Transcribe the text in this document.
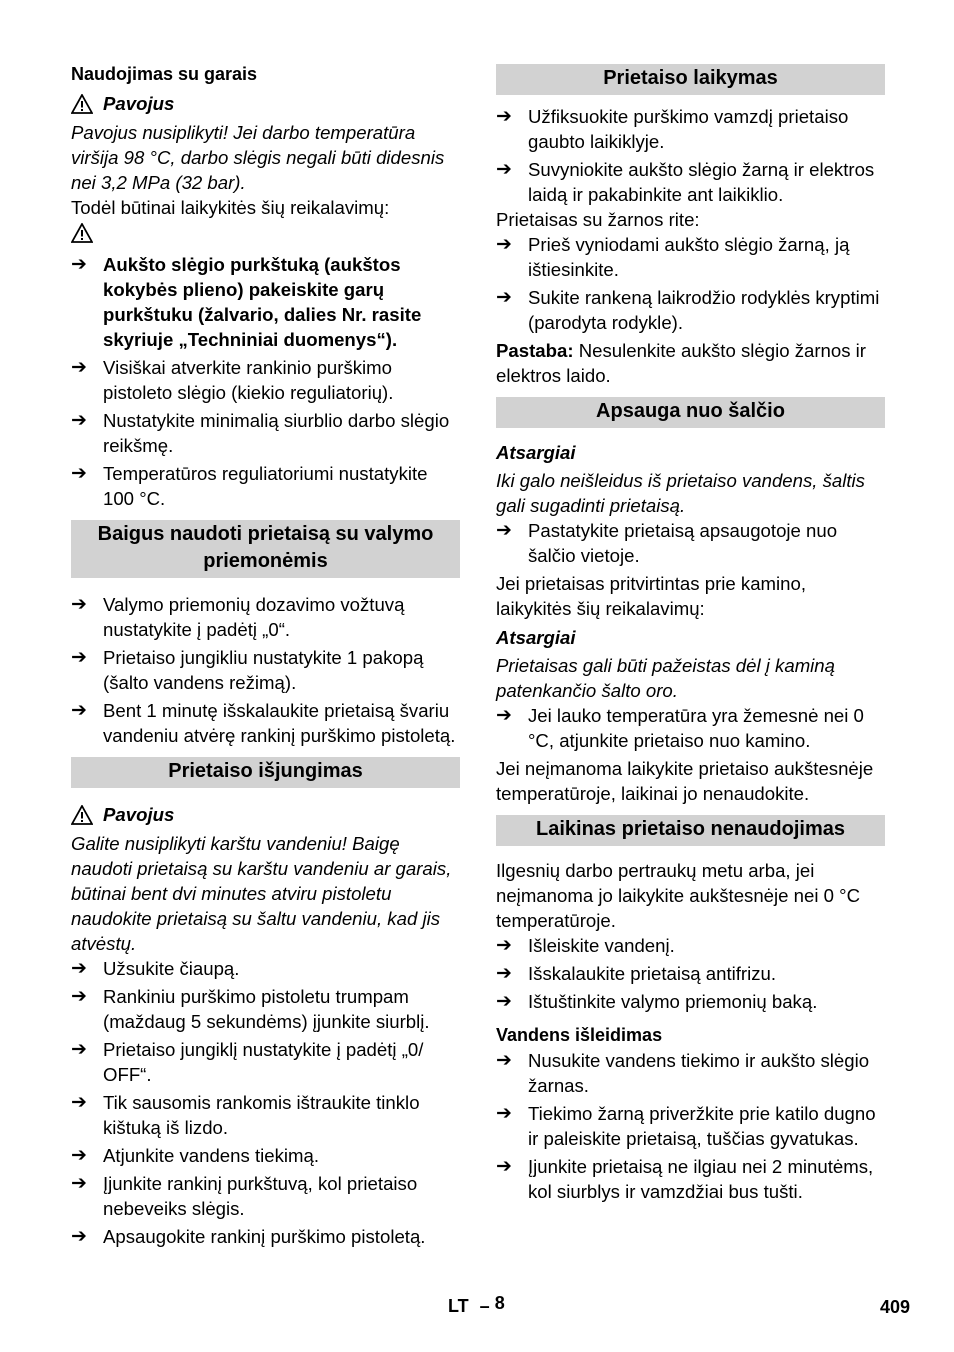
Naudojimas su garais

Pavojus

Pavojus nusiplikyti! Jei darbo temperatūra viršija 98 °C, darbo slėgis negali būti didesnis nei 3,2 MPa (32 bar).

Todėl būtinai laikykitės šių reikalavimų:

➔ Aukšto slėgio purkštuką (aukštos kokybės plieno) pakeiskite garų purkštuku (žalvario, dalies Nr. rasite skyriuje „Techniniai duomenys“).
➔ Visiškai atverkite rankinio purškimo pistoleto slėgio (kiekio reguliatorių).
➔ Nustatykite minimalią siurblio darbo slėgio reikšmę.
➔ Temperatūros reguliatoriumi nustatykite 100 °C.

Baigus naudoti prietaisą su valymo priemonėmis

➔ Valymo priemonių dozavimo vožtuvą nustatykite į padėtį „0“.
➔ Prietaiso jungikliu nustatykite 1 pakopą (šalto vandens režimą).
➔ Bent 1 minutę išskalaukite prietaisą švariu vandeniu atvėrę rankinį purškimo pistoletą.

Prietaiso išjungimas

Pavojus

Galite nusiplikyti karštu vandeniu! Baigę naudoti prietaisą su karštu vandeniu ar garais, būtinai bent dvi minutes atviru pistoletu naudokite prietaisą su šaltu vandeniu, kad jis atvėstų.

➔ Užsukite čiaupą.
➔ Rankiniu purškimo pistoletu trumpam (maždaug 5 sekundėms) įjunkite siurblį.
➔ Prietaiso jungiklį nustatykite į padėtį „0/ OFF“.
➔ Tik sausomis rankomis ištraukite tinklo kištuką iš lizdo.
➔ Atjunkite vandens tiekimą.
➔ Įjunkite rankinį purkštuvą, kol prietaiso nebeveiks slėgis.
➔ Apsaugokite rankinį purškimo pistoletą.

Prietaiso laikymas

➔ Užfiksuokite purškimo vamzdį prietaiso gaubto laikiklyje.
➔ Suvyniokite aukšto slėgio žarną ir elektros laidą ir pakabinkite ant laikiklio.

Prietaisas su žarnos rite:

➔ Prieš vyniodami aukšto slėgio žarną, ją ištiesinkite.
➔ Sukite rankeną laikrodžio rodyklės kryptimi (parodyta rodykle).

Pastaba: Nesulenkite aukšto slėgio žarnos ir elektros laido.

Apsauga nuo šalčio

Atsargiai

Iki galo neišleidus iš prietaiso vandens, šaltis gali sugadinti prietaisą.

➔ Pastatykite prietaisą apsaugotoje nuo šalčio vietoje.

Jei prietaisas pritvirtintas prie kamino, laikykitės šių reikalavimų:

Atsargiai

Prietaisas gali būti pažeistas dėl į kaminą patenkančio šalto oro.

➔ Jei lauko temperatūra yra žemesnė nei 0 °C, atjunkite prietaiso nuo kamino.

Jei neįmanoma laikykite prietaiso aukštesnėje temperatūroje, laikinai jo nenaudokite.

Laikinas prietaiso nenaudojimas

Ilgesnių darbo pertraukų metu arba, jei neįmanoma jo laikykite aukštesnėje nei 0 °C temperatūroje.

➔ Išleiskite vandenį.
➔ Išskalaukite prietaisą antifrizu.
➔ Ištuštinkite valymo priemonių baką.

Vandens išleidimas

➔ Nusukite vandens tiekimo ir aukšto slėgio žarnas.
➔ Tiekimo žarną priveržkite prie katilo dugno ir paleiskite prietaisą, tuščias gyvatukas.
➔ Įjunkite prietaisą ne ilgiau nei 2 minutėms, kol siurblys ir vamzdžiai bus tušti.
LT – 8	409
